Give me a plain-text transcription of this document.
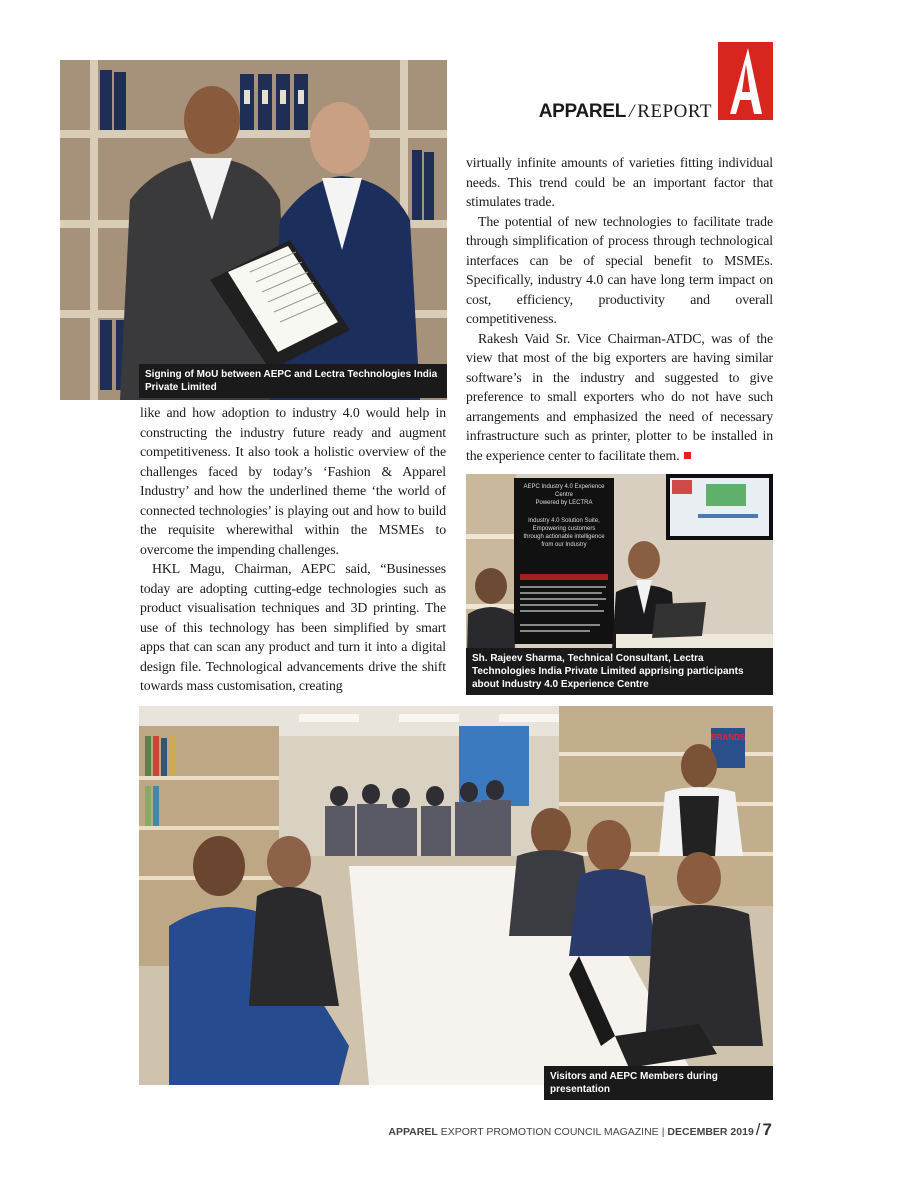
APPAREL / REPORT
Signing of MoU between AEPC and Lectra Technologies India Private Limited

like and how adoption to industry 4.0 would help in constructing the industry future ready and augment competitiveness. It also took a holistic overview of the challenges faced by today’s ‘Fashion & Apparel Industry’ and how the underlined theme ‘the world of connected technologies’ is playing out and how to build the requisite wherewithal within the MSMEs to overcome the impending challenges.

HKL Magu, Chairman, AEPC said, “Businesses today are adopting cutting-edge technologies such as product visualisation techniques and 3D printing. The use of this technology has been simplified by smart apps that can scan any product and turn it into a digital design file. Technological advancements drive the shift towards mass customisation, creating

virtually infinite amounts of varieties fitting individual needs. This trend could be an important factor that stimulates trade.

The potential of new technologies to facilitate trade through simplification of process through technological interfaces can be of special benefit to MSMEs. Specifically, industry 4.0 can have long term impact on cost, efficiency, productivity and overall competitiveness.

Rakesh Vaid Sr. Vice Chairman-ATDC, was of the view that most of the big exporters are having similar software’s in the industry and suggested to give preference to small exporters who do not have such arrangements and emphasized the need of necessary infrastructure such as printer, plotter to be installed in the experience center to facilitate them.

AEPC Industry 4.0 Experience
Centre
Powered by LECTRA
Industry 4.0 Solution Suite,
Empowering customers
through actionable intelligence
from our Industry
Sh. Rajeev Sharma, Technical Consultant, Lectra Technologies India Private Limited apprising participants about Industry 4.0 Experience Centre
BRANDS
Visitors and AEPC Members during presentation
APPAREL EXPORT PROMOTION COUNCIL MAGAZINE | DECEMBER 2019 / 7
